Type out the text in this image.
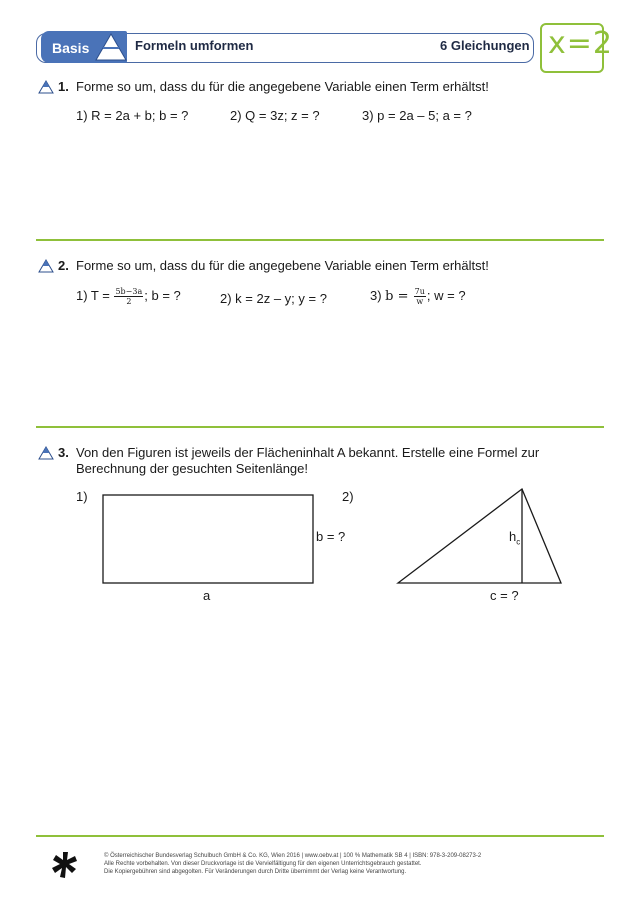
Basis	Formeln umformen	6 Gleichungen x=2
1. Forme so um, dass du für die angegebene Variable einen Term erhältst!
1) R = 2a + b; b = ?	2) Q = 3z; z = ?	3) p = 2a – 5; a = ?
2. Forme so um, dass du für die angegebene Variable einen Term erhältst!
1) $T = \frac{5b-3a}{2}$ ; b = ?	2) k = 2z – y; y = ?	3) $b = \frac{7u}{w}$ ; w = ?
3. Von den Figuren ist jeweils der Flächeninhalt A bekannt. Erstelle eine Formel zur
Berechnung der gesuchten Seitenlänge!
1)
b = ?
a
2)
$h_c$
c = ?
© Österreichischer Bundesverlag Schulbuch GmbH & Co. KG, Wien 2016 | www.oebv.at | 100 % Mathematik SB 4 | ISBN: 978-3-209-08273-2
Alle Rechte vorbehalten. Von dieser Druckvorlage ist die Vervielfältigung für den eigenen Unterrichtsgebrauch gestattet.
Die Kopiergebühren sind abgegolten. Für Veränderungen durch Dritte übernimmt der Verlag keine Verantwortung.
